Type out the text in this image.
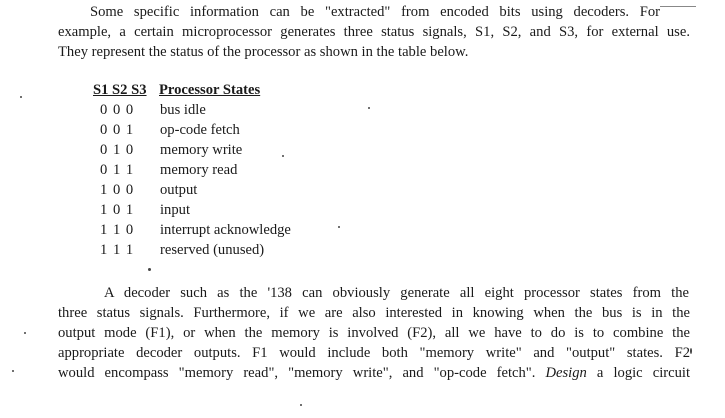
Some specific information can be "extracted" from encoded bits using decoders. For
example, a certain microprocessor generates three status signals, S1, S2, and S3, for external use.
They represent the status of the processor as shown in the table below.
S1 S2 S3 Processor States
0 0 0	bus idle
0 0 1	op-code fetch
0 1 0	memory write
0 1 1	memory read
1 0 0	output
1 0 1	input
1 1 0	interrupt acknowledge
1 1 1	reserved (unused)
A decoder such as the '138 can obviously generate all eight processor states from the
three status signals. Furthermore, if we are also interested in knowing when the bus is in the
output mode (F1), or when the memory is involved (F2), all we have to do is to combine the
appropriate decoder outputs. F1 would include both "memory write" and "output" states. F2
would encompass "memory read", "memory write", and "op-code fetch". Design a logic circuit
